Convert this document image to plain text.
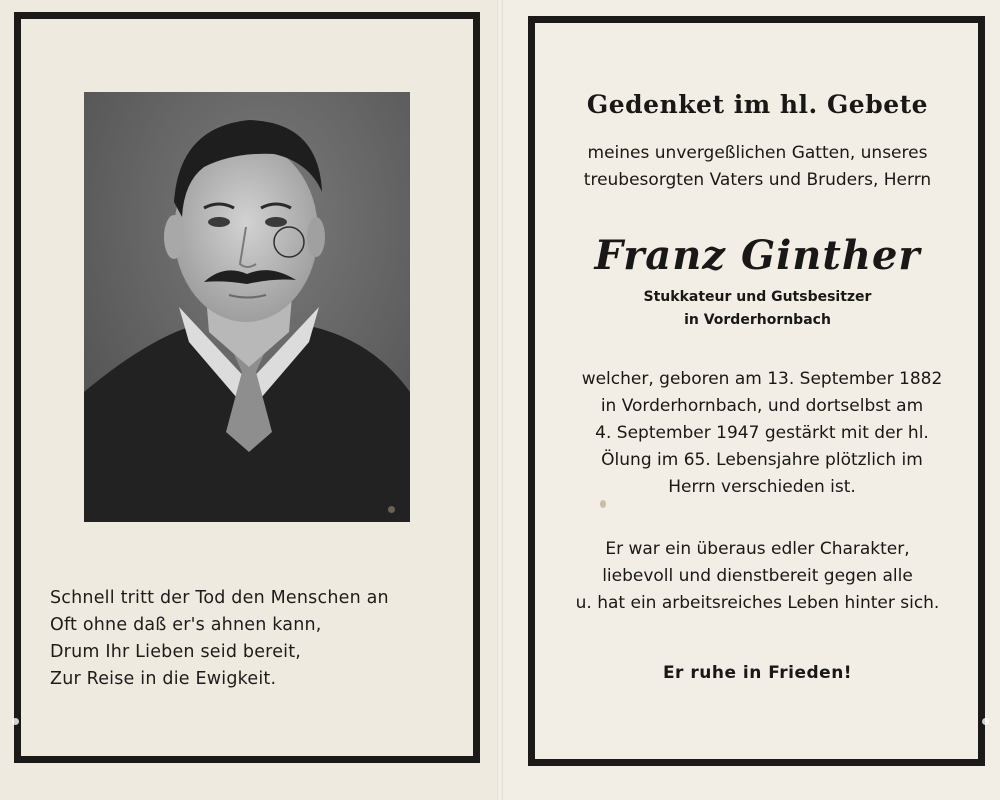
Schnell tritt der Tod den Menschen an
Oft ohne daß er's ahnen kann,
Drum Ihr Lieben seid bereit,
Zur Reise in die Ewigkeit.
Gedenket im hl. Gebete
meines unvergeßlichen Gatten, unseres
treubesorgten Vaters und Bruders, Herrn
Franz Ginther
Stukkateur und Gutsbesitzer
in Vorderhornbach
welcher, geboren am 13. September 1882
in Vorderhornbach, und dortselbst am
4. September 1947 gestärkt mit der hl.
Ölung im 65. Lebensjahre plötzlich im
Herrn verschieden ist.
Er war ein überaus edler Charakter,
liebevoll und dienstbereit gegen alle
u. hat ein arbeitsreiches Leben hinter sich.
Er ruhe in Frieden!
